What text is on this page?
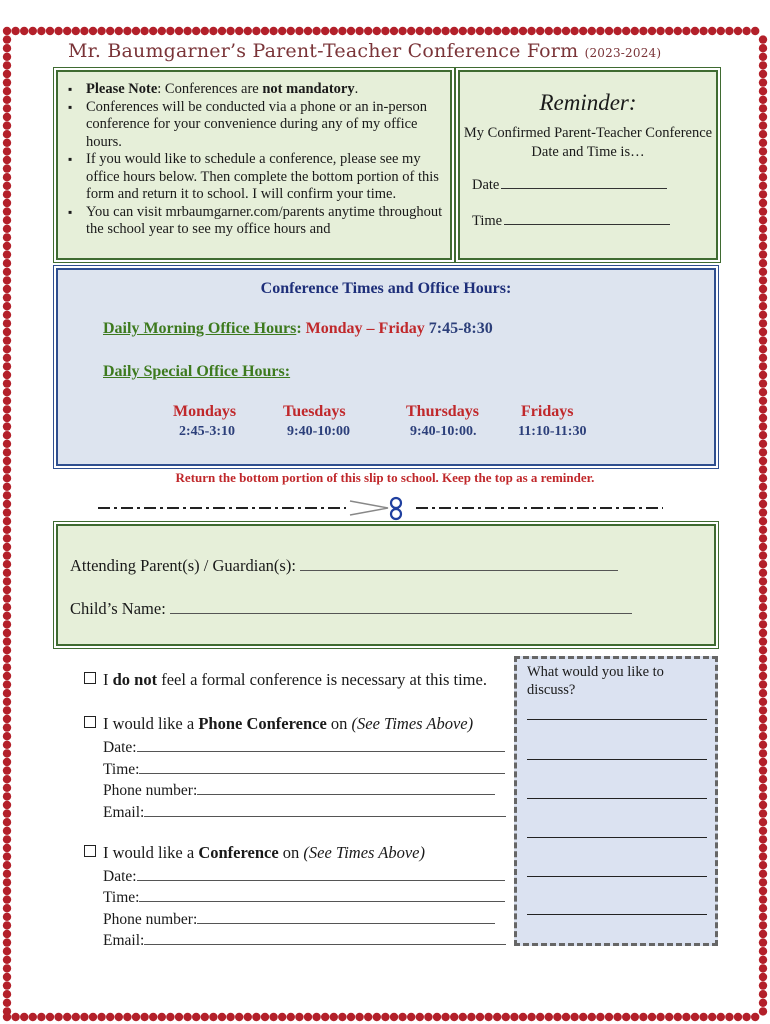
Mr. Baumgarner’s Parent-Teacher Conference Form (2023-2024)
▪ Please Note: Conferences are not mandatory.
▪ Conferences will be conducted via a phone or an in-person conference for your convenience during any of my office hours.
▪ If you would like to schedule a conference, please see my office hours below. Then complete the bottom portion of this form and return it to school. I will confirm your time.
▪ You can visit mrbaumgarner.com/parents anytime throughout the school year to see my office hours and
Reminder:
My Confirmed Parent-Teacher Conference Date and Time is…
Date
Time
Conference Times and Office Hours:
Daily Morning Office Hours: Monday – Friday 7:45-8:30
Daily Special Office Hours:
Mondays
2:45-3:10
Tuesdays
9:40-10:00
Thursdays
9:40-10:00.
Fridays
11:10-11:30
Return the bottom portion of this slip to school. Keep the top as a reminder.
Attending Parent(s) / Guardian(s):
Child’s Name:
I do not feel a formal conference is necessary at this time.
I would like a Phone Conference on (See Times Above)
Date:
Time:
Phone number:
Email:
I would like a Conference on (See Times Above)
Date:
Time:
Phone number:
Email:
What would you like to discuss?
